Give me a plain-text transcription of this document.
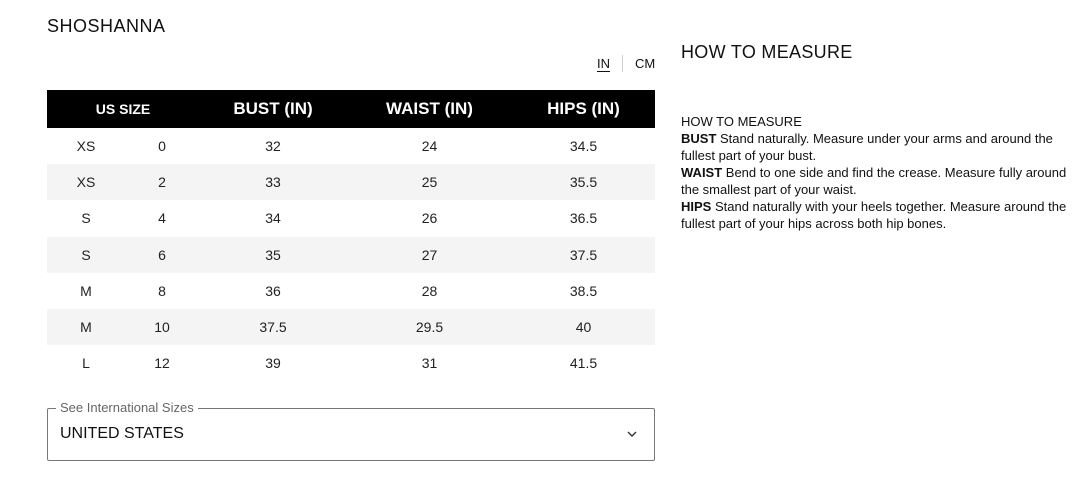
SHOSHANNA
IN CM
US SIZE		BUST (IN)	WAIST (IN)	HIPS (IN)
XS	0	32	24	34.5
XS	2	33	25	35.5
S	4	34	26	36.5
S	6	35	27	37.5
M	8	36	28	38.5
M	10	37.5	29.5	40
L	12	39	31	41.5
HOW TO MEASURE
HOW TO MEASURE
BUST Stand naturally. Measure under your arms and around the fullest part of your bust.
WAIST Bend to one side and find the crease. Measure fully around the smallest part of your waist.
HIPS Stand naturally with your heels together. Measure around the fullest part of your hips across both hip bones.
See International Sizes
UNITED STATES
